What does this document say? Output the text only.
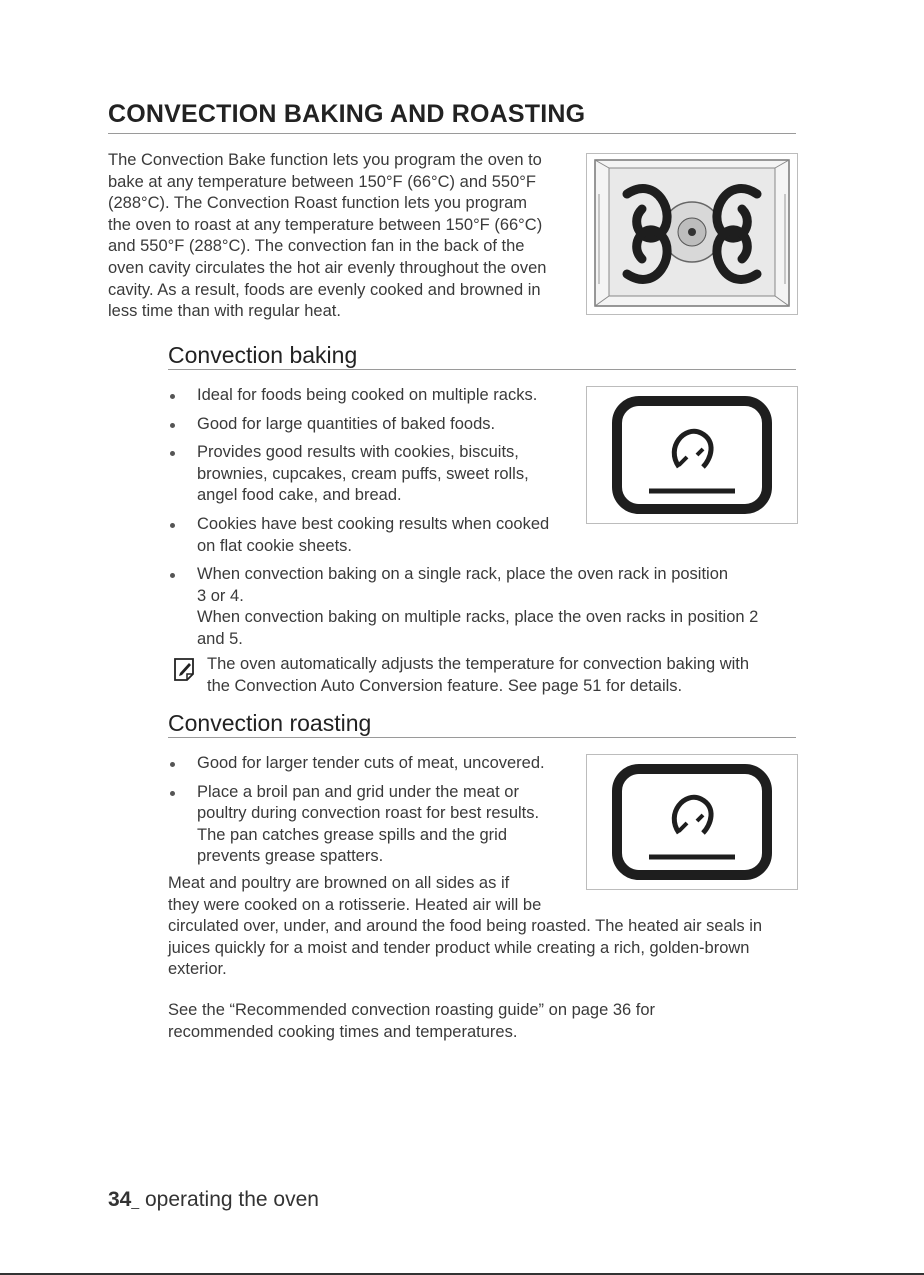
CONVECTION BAKING AND ROASTING
The Convection Bake function lets you program the oven to
bake at any temperature between 150°F (66°C) and 550°F
(288°C). The Convection Roast function lets you program
the oven to roast at any temperature between 150°F (66°C)
and 550°F (288°C). The convection fan in the back of the
oven cavity circulates the hot air evenly throughout the oven
cavity. As a result, foods are evenly cooked and browned in
less time than with regular heat.
Convection baking
Ideal for foods being cooked on multiple racks.
Good for large quantities of baked foods.
Provides good results with cookies, biscuits,
brownies, cupcakes, cream puffs, sweet rolls,
angel food cake, and bread.
Cookies have best cooking results when cooked
on flat cookie sheets.
When convection baking on a single rack, place the oven rack in position
3 or 4.
When convection baking on multiple racks, place the oven racks in position 2
and 5.
The oven automatically adjusts the temperature for convection baking with
the Convection Auto Conversion feature. See page 51 for details.
Convection roasting
Good for larger tender cuts of meat, uncovered.
Place a broil pan and grid under the meat or
poultry during convection roast for best results.
The pan catches grease spills and the grid
prevents grease spatters.
Meat and poultry are browned on all sides as if
they were cooked on a rotisserie. Heated air will be
circulated over, under, and around the food being roasted. The heated air seals in
juices quickly for a moist and tender product while creating a rich, golden-brown
exterior.
See the “Recommended convection roasting guide” on page 36 for
recommended cooking times and temperatures.
34_ operating the oven
